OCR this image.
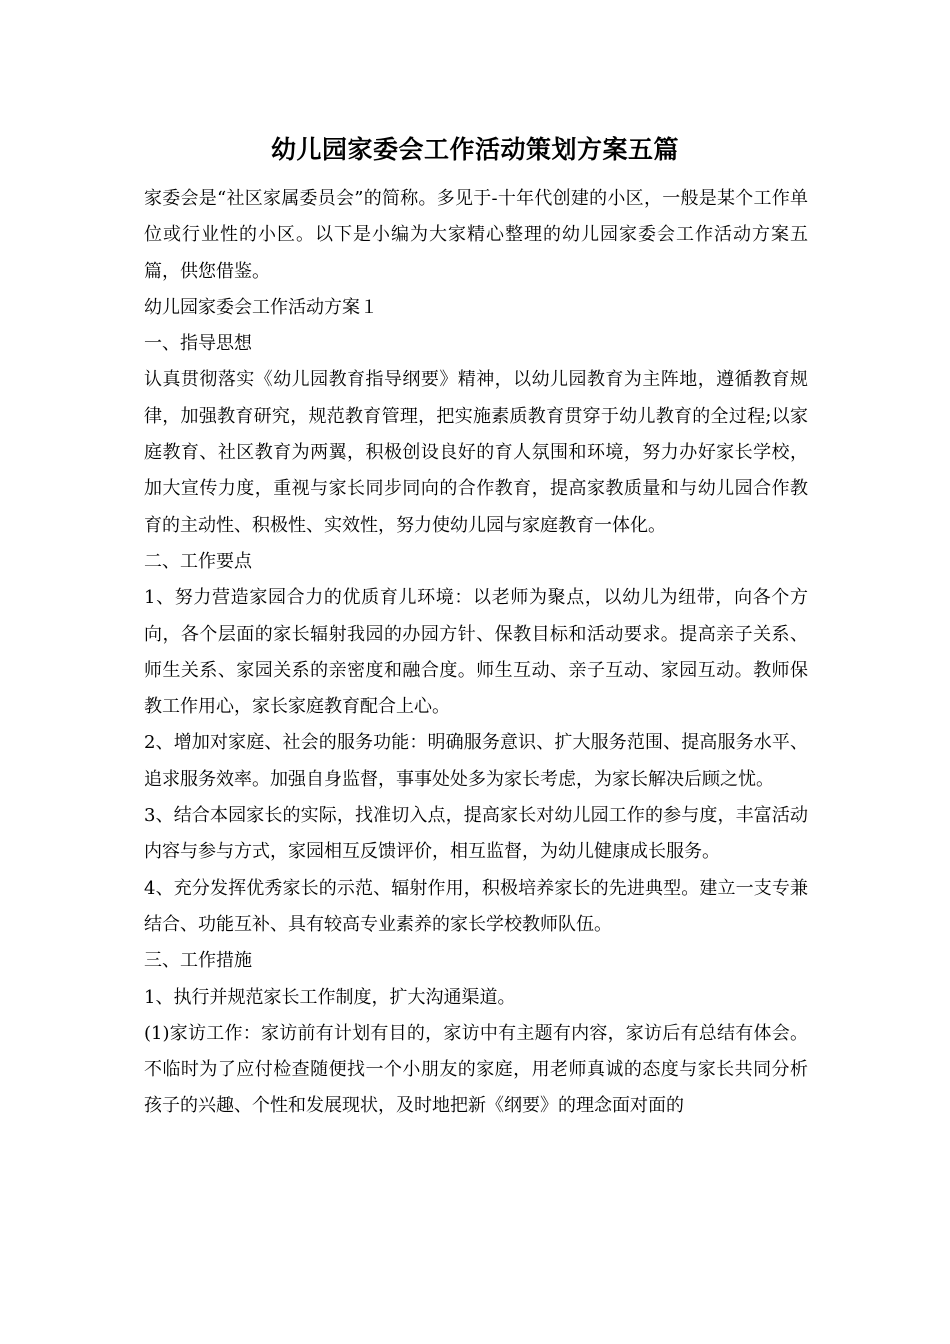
幼儿园家委会工作活动策划方案五篇

家委会是“社区家属委员会”的简称。多见于-十年代创建的小区，一般是某个工作单位或行业性的小区。以下是小编为大家精心整理的幼儿园家委会工作活动方案五篇，供您借鉴。

幼儿园家委会工作活动方案１

一、指导思想

认真贯彻落实《幼儿园教育指导纲要》精神，以幼儿园教育为主阵地，遵循教育规律，加强教育研究，规范教育管理，把实施素质教育贯穿于幼儿教育的全过程;以家庭教育、社区教育为两翼，积极创设良好的育人氛围和环境，努力办好家长学校，加大宣传力度，重视与家长同步同向的合作教育，提高家教质量和与幼儿园合作教育的主动性、积极性、实效性，努力使幼儿园与家庭教育一体化。

二、工作要点

1、努力营造家园合力的优质育儿环境：以老师为聚点，以幼儿为纽带，向各个方向，各个层面的家长辐射我园的办园方针、保教目标和活动要求。提高亲子关系、师生关系、家园关系的亲密度和融合度。师生互动、亲子互动、家园互动。教师保教工作用心，家长家庭教育配合上心。

2、增加对家庭、社会的服务功能：明确服务意识、扩大服务范围、提高服务水平、追求服务效率。加强自身监督，事事处处多为家长考虑，为家长解决后顾之忧。

3、结合本园家长的实际，找准切入点，提高家长对幼儿园工作的参与度，丰富活动内容与参与方式，家园相互反馈评价，相互监督，为幼儿健康成长服务。

4、充分发挥优秀家长的示范、辐射作用，积极培养家长的先进典型。建立一支专兼结合、功能互补、具有较高专业素养的家长学校教师队伍。

三、工作措施

1、执行并规范家长工作制度，扩大沟通渠道。

(1)家访工作：家访前有计划有目的，家访中有主题有内容，家访后有总结有体会。不临时为了应付检查随便找一个小朋友的家庭，用老师真诚的态度与家长共同分析孩子的兴趣、个性和发展现状，及时地把新《纲要》的理念面对面的
